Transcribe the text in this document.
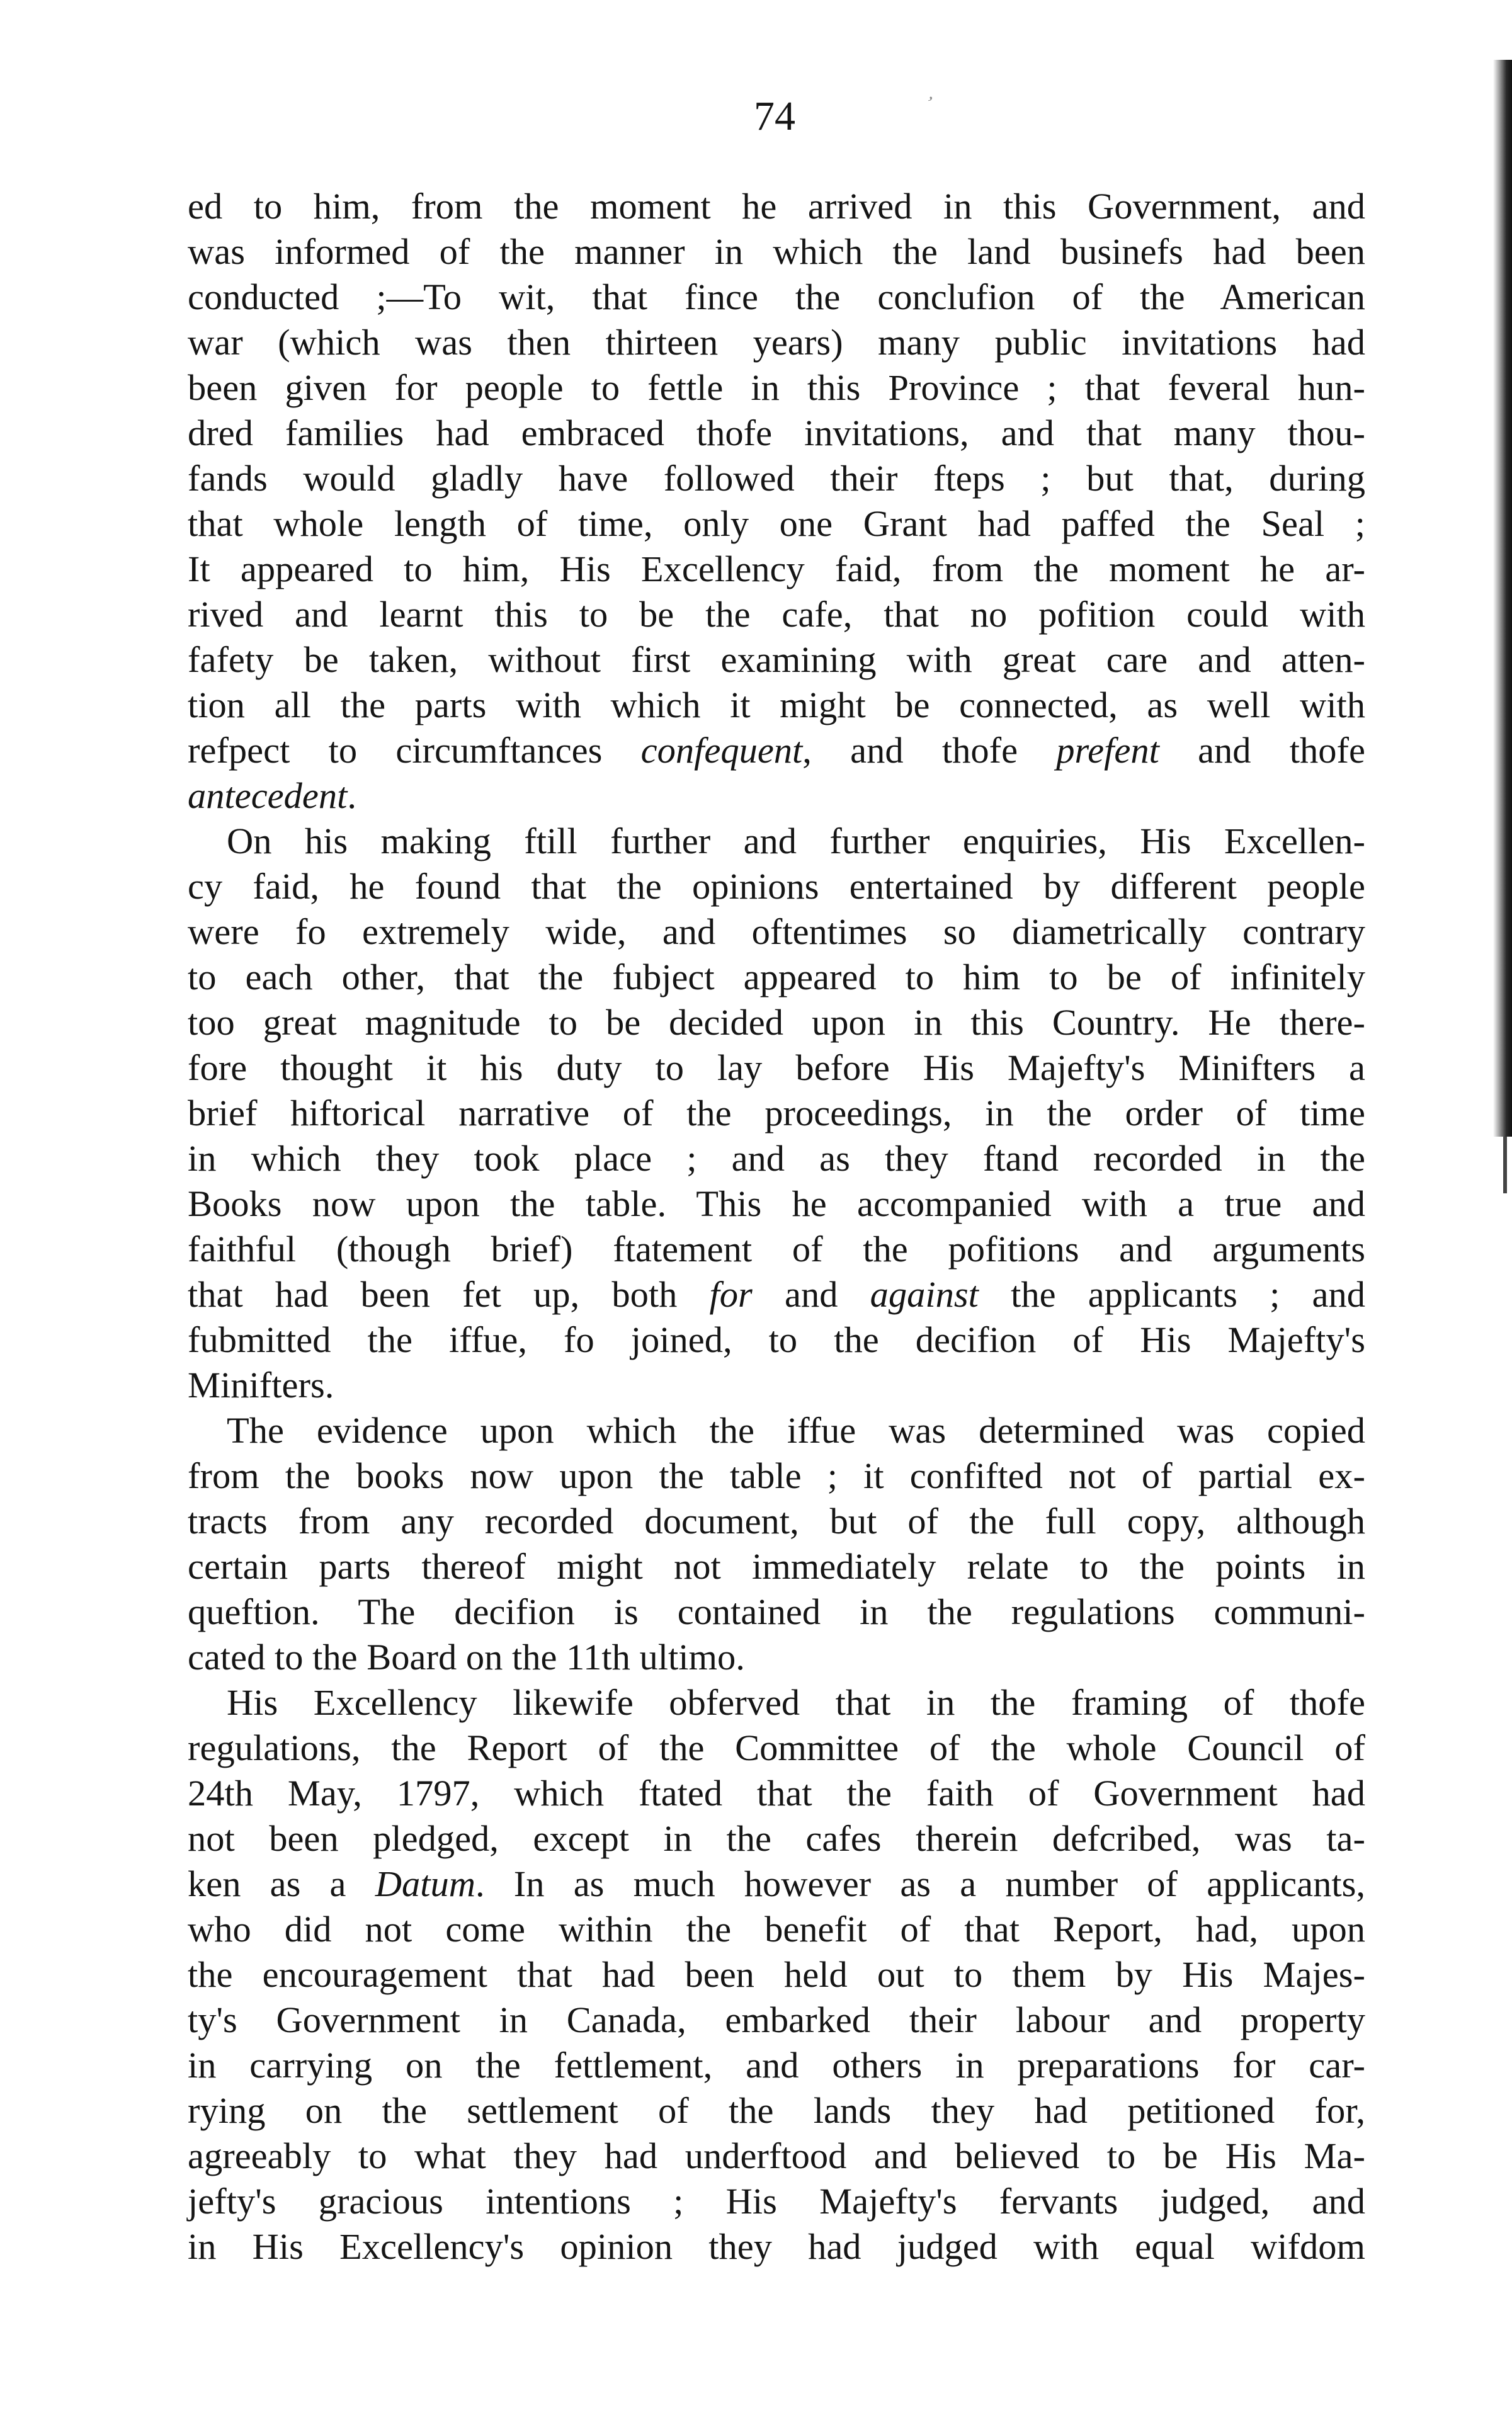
ʼ
74
ed to him, from the moment he arrived in this Government, and
was informed of the manner in which the land businefs had been
conducted ;—To wit, that fince the conclufion of the American
war (which was then thirteen years) many public invitations had
been given for people to fettle in this Province ; that feveral hun-
dred families had embraced thofe invitations, and that many thou-
fands would gladly have followed their fteps ; but that, during
that whole length of time, only one Grant had paffed the Seal ;
It appeared to him, His Excellency faid, from the moment he ar-
rived and learnt this to be the cafe, that no pofition could with
fafety be taken, without first examining with great care and atten-
tion all the parts with which it might be connected, as well with
refpect to circumftances confequent, and thofe prefent and thofe
antecedent.
On his making ftill further and further enquiries, His Excellen-
cy faid, he found that the opinions entertained by different people
were fo extremely wide, and oftentimes so diametrically contrary
to each other, that the fubject appeared to him to be of infinitely
too great magnitude to be decided upon in this Country. He there-
fore thought it his duty to lay before His Majefty's Minifters a
brief hiftorical narrative of the proceedings, in the order of time
in which they took place ; and as they ftand recorded in the
Books now upon the table. This he accompanied with a true and
faithful (though brief) ftatement of the pofitions and arguments
that had been fet up, both for and against the applicants ; and
fubmitted the iffue, fo joined, to the decifion of His Majefty's
Minifters.
The evidence upon which the iffue was determined was copied
from the books now upon the table ; it confifted not of partial ex-
tracts from any recorded document, but of the full copy, although
certain parts thereof might not immediately relate to the points in
queftion. The decifion is contained in the regulations communi-
cated to the Board on the 11th ultimo.
His Excellency likewife obferved that in the framing of thofe
regulations, the Report of the Committee of the whole Council of
24th May, 1797, which ftated that the faith of Government had
not been pledged, except in the cafes therein defcribed, was ta-
ken as a Datum. In as much however as a number of applicants,
who did not come within the benefit of that Report, had, upon
the encouragement that had been held out to them by His Majes-
ty's Government in Canada, embarked their labour and property
in carrying on the fettlement, and others in preparations for car-
rying on the settlement of the lands they had petitioned for,
agreeably to what they had underftood and believed to be His Ma-
jefty's gracious intentions ; His Majefty's fervants judged, and
in His Excellency's opinion they had judged with equal wifdom
